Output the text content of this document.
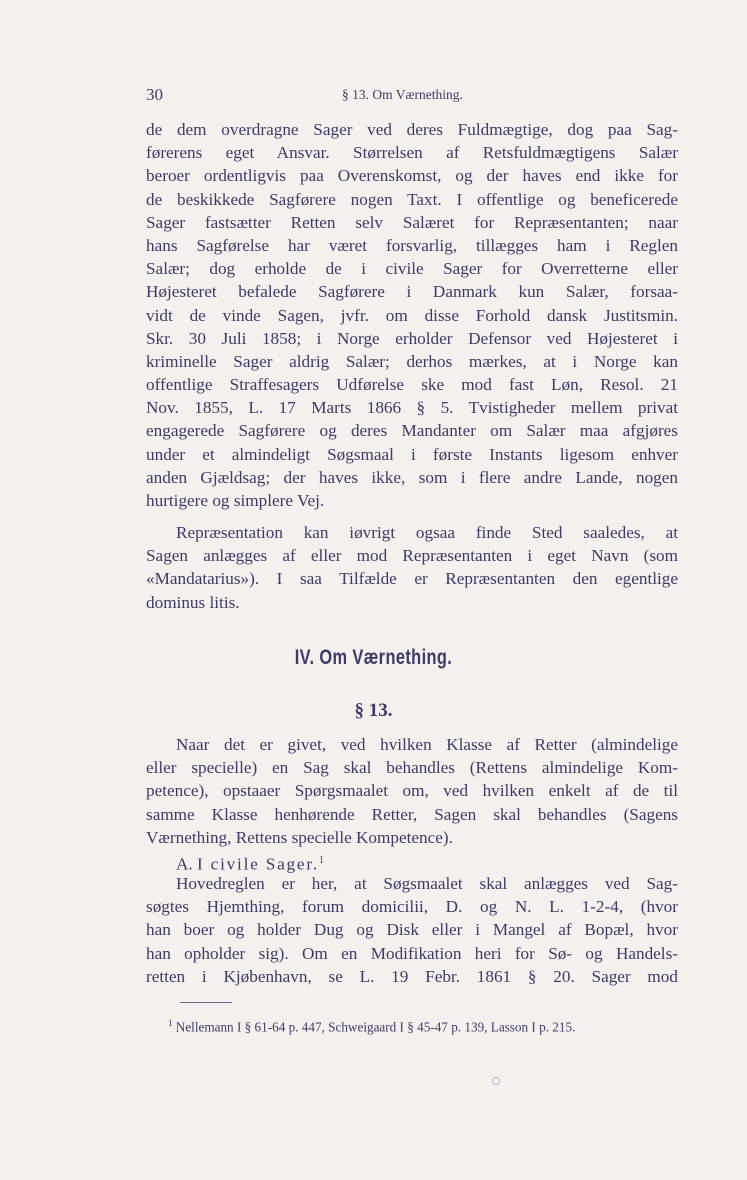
30	§ 13. Om Værnething.
de dem overdragne Sager ved deres Fuldmægtige, dog paa Sag-
førerens eget Ansvar. Størrelsen af Retsfuldmægtigens Salær
beroer ordentligvis paa Overenskomst, og der haves end ikke for
de beskikkede Sagførere nogen Taxt. I offentlige og beneficerede
Sager fastsætter Retten selv Salæret for Repræsentanten; naar
hans Sagførelse har været forsvarlig, tillægges ham i Reglen
Salær; dog erholde de i civile Sager for Overretterne eller
Højesteret befalede Sagførere i Danmark kun Salær, forsaa-
vidt de vinde Sagen, jvfr. om disse Forhold dansk Justitsmin.
Skr. 30 Juli 1858; i Norge erholder Defensor ved Højesteret i
kriminelle Sager aldrig Salær; derhos mærkes, at i Norge kan
offentlige Straffesagers Udførelse ske mod fast Løn, Resol. 21
Nov. 1855, L. 17 Marts 1866 § 5. Tvistigheder mellem privat
engagerede Sagførere og deres Mandanter om Salær maa afgjøres
under et almindeligt Søgsmaal i første Instants ligesom enhver
anden Gjældsag; der haves ikke, som i flere andre Lande, nogen
hurtigere og simplere Vej.
Repræsentation kan iøvrigt ogsaa finde Sted saaledes, at
Sagen anlægges af eller mod Repræsentanten i eget Navn (som
«Mandatarius»). I saa Tilfælde er Repræsentanten den egentlige
dominus litis.
IV. Om Værnething.
§ 13.
Naar det er givet, ved hvilken Klasse af Retter (almindelige
eller specielle) en Sag skal behandles (Rettens almindelige Kom-
petence), opstaaer Spørgsmaalet om, ved hvilken enkelt af de til
samme Klasse henhørende Retter, Sagen skal behandles (Sagens
Værnething, Rettens specielle Kompetence).
A. I civile Sager.$^1$
Hovedreglen er her, at Søgsmaalet skal anlægges ved Sag-
søgtes Hjemthing, forum domicilii, D. og N. L. 1-2-4, (hvor
han boer og holder Dug og Disk eller i Mangel af Bopæl, hvor
han opholder sig). Om en Modifikation heri for Sø- og Handels-
retten i Kjøbenhavn, se L. 19 Febr. 1861 § 20. Sager mod
$^1$ Nellemann I § 61-64 p. 447, Schweigaard I § 45-47 p. 139, Lasson I p. 215.
